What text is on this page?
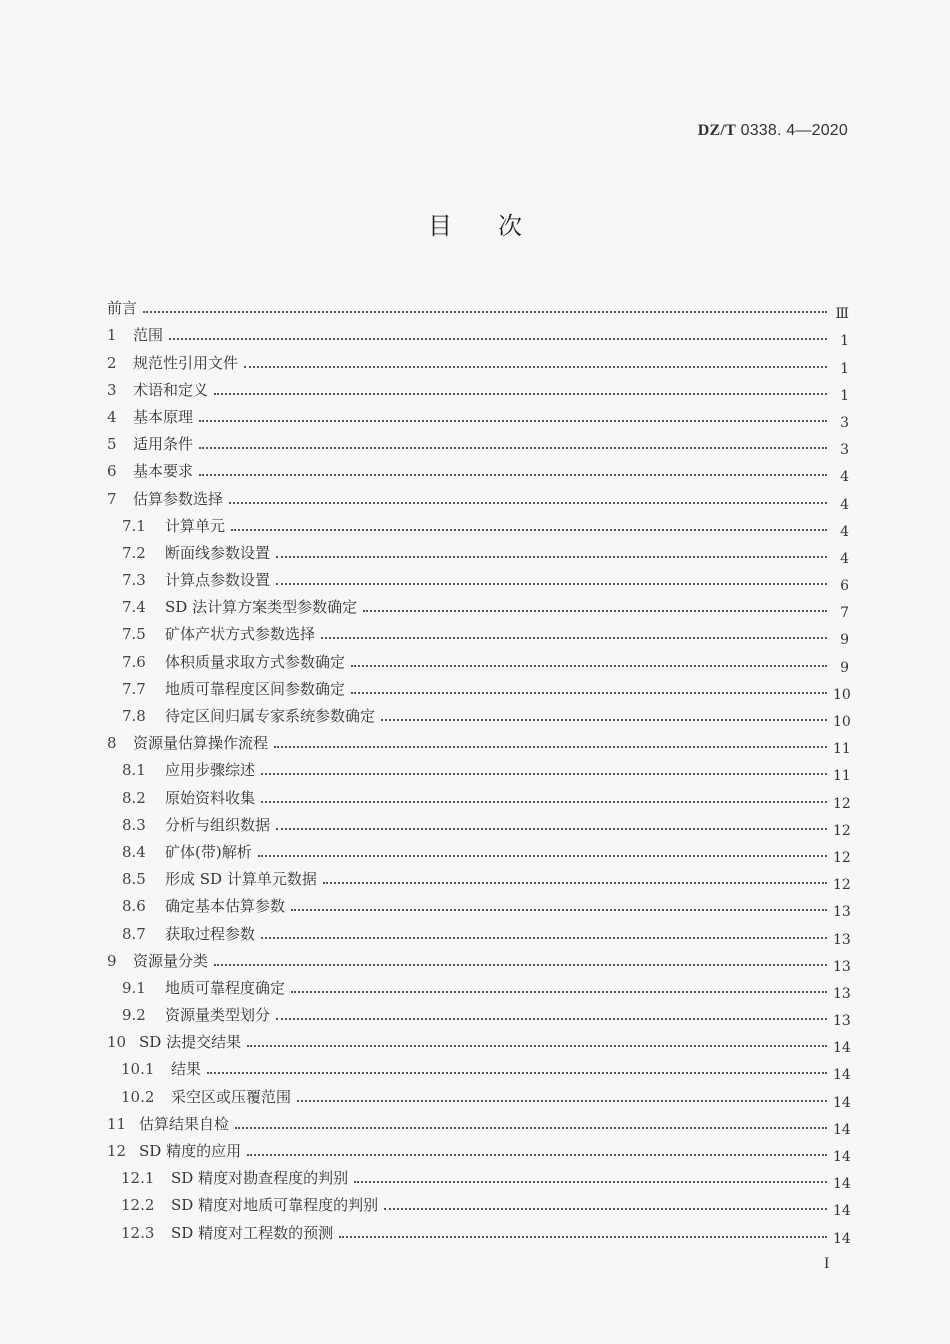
DZ/T 0338. 4—2020
目次
前言	Ⅲ
1	范围	1
2	规范性引用文件	1
3	术语和定义	1
4	基本原理	3
5	适用条件	3
6	基本要求	4
7	估算参数选择	4
7.1	计算单元	4
7.2	断面线参数设置	4
7.3	计算点参数设置	6
7.4	SD 法计算方案类型参数确定	7
7.5	矿体产状方式参数选择	9
7.6	体积质量求取方式参数确定	9
7.7	地质可靠程度区间参数确定	10
7.8	待定区间归属专家系统参数确定	10
8	资源量估算操作流程	11
8.1	应用步骤综述	11
8.2	原始资料收集	12
8.3	分析与组织数据	12
8.4	矿体(带)解析	12
8.5	形成 SD 计算单元数据	12
8.6	确定基本估算参数	13
8.7	获取过程参数	13
9	资源量分类	13
9.1	地质可靠程度确定	13
9.2	资源量类型划分	13
10 SD 法提交结果	14
10.1	结果	14
10.2	采空区或压覆范围	14
11 估算结果自检	14
12 SD 精度的应用	14
12.1	SD 精度对勘查程度的判别	14
12.2	SD 精度对地质可靠程度的判别	14
12.3	SD 精度对工程数的预测	14
I
